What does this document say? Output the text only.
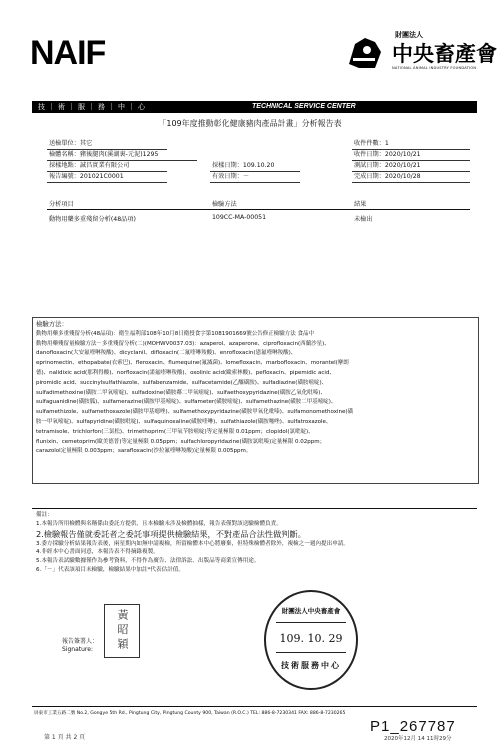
NAIF	財團法人
中央畜產會
NATIONAL ANIMAL INDUSTRY FOUNDATION
技｜術｜服｜務｜中｜心	TECHNICAL SERVICE CENTER
「109年度推動彰化健康豬肉產品計畫」分析報告表
送檢單位：其它
檢體名稱：豬後腿肉(溪湖裏-元泥)1295
採樣地點：誠昌實業有限公司
報告編號：201021C0001
採樣日期：109.10.20
有效日期：－
收件件數：1
收件日期：2020/10/21
測試日期：2020/10/21
完成日期：2020/10/28
分析項目	檢驗方法	結果
動物用藥多重殘留分析(48品項)	109CC-MA-00051	未檢出
檢驗方法：
動物用藥多重殘留分析(48品項)：衛生福利部108年10月8日衛授食字第1081901669號公告修正檢驗方法 食品中
動物用藥殘留量檢驗方法－多重殘留分析(二)(MOHWV0037.03)：azaperol、azaperone、ciprofloxacin(西蘭沙星)、
danofloxacin(大安氟喹啉羧酸)、dicyclanil、difloxacin(二氟喹啉羧酸)、enrofloxacin(恩氟喹啉羧酸)、
eprinomectin、ethopabate(衣索巴)、fleroxacin、flumequine(氟滅菌)、lomefloxacin、marbofloxacin、morantel(摩朗
德)、nalidixic acid(那利得酸)、norfloxacin(諾氟喹啉羧酸)、oxolinic acid(歐索林酸)、pefloxacin、pipemidic acid、
piromidic acid、succinylsulfathiazole、sulfabenzamide、sulfacetamide(乙醯磺胺)、sulfadiazine(磺胺嘧啶)、
sulfadimethoxine(磺胺二甲氧嘧啶)、sulfadoxine(磺胺鄰二甲氧嘧啶)、sulfaethoxypyridazine(磺胺乙氧化吡嗪)、
sulfaguanidine(磺胺胍)、sulfamerazine(磺胺甲基嘧啶)、sulfameter(磺胺嘧啶)、sulfamethazine(磺胺二甲基嘧啶)、
sulfamethizole、sulfamethoxazole(磺胺甲基噁唑)、sulfamethoxypyridazine(磺胺甲氧化吡嗪)、sulfamonomethoxine(磺
胺一甲氧嘧啶)、sulfapyridine(磺胺吡啶)、sulfaquinoxaline(磺胺喹啉)、sulfathiazole(磺胺噻唑)、sulfatroxazole、
tetramisole、trichlorfon(三氯松)、trimethoprim(三甲氧苄胺嘧啶)等定量極限 0.01ppm；clopidol(氯吡啶)、
flunixin、cemetoprim(歐美德普)等定量極限 0.05ppm；sulfachloropyridazine(磺胺氯吡嗪)定量極限 0.02ppm；
carazolol定量極限 0.003ppm；sarafloxacin(沙拉氟喹啉羧酸)定量極限 0.005ppm。
備註：
1.本報告所用檢體與名稱係由委託方提供，且本檢驗未涉及檢體抽樣，報告表僅對該送驗檢體負責。
2.檢驗報告僅就委託者之委託事項提供檢驗結果，不對產品合法性做判斷。
3.委方採驗分析結果報告表後，兩星期內如無申請複檢，所留檢體本中心將廢棄，但特殊檢體者除外，複檢之一週內提出申請。
4.非經本中心書面同意，本報告表不得摘錄複製。
5.本報告表試驗數據僅作為參考資料，不得作為廣告、法律訴訟、出版品等商業宣傳用途。
6.「－」代表該項目未檢驗，檢驗結果中加註*代表估計值。
報告簽署人：
Signature:
黃 昭 穎	財團法人中央畜產會
109. 10. 29
技術服務中心
屏東市工業五路二號 No.2, Gongye 5th Rd., Pingtung City, Pingtung County 900, Taiwan (R.O.C.) TEL: 886-8-7230341 FAX: 886-8-7230265
P1_267787
第 1 頁 共 2 頁	2020年12月 14 11時29分
